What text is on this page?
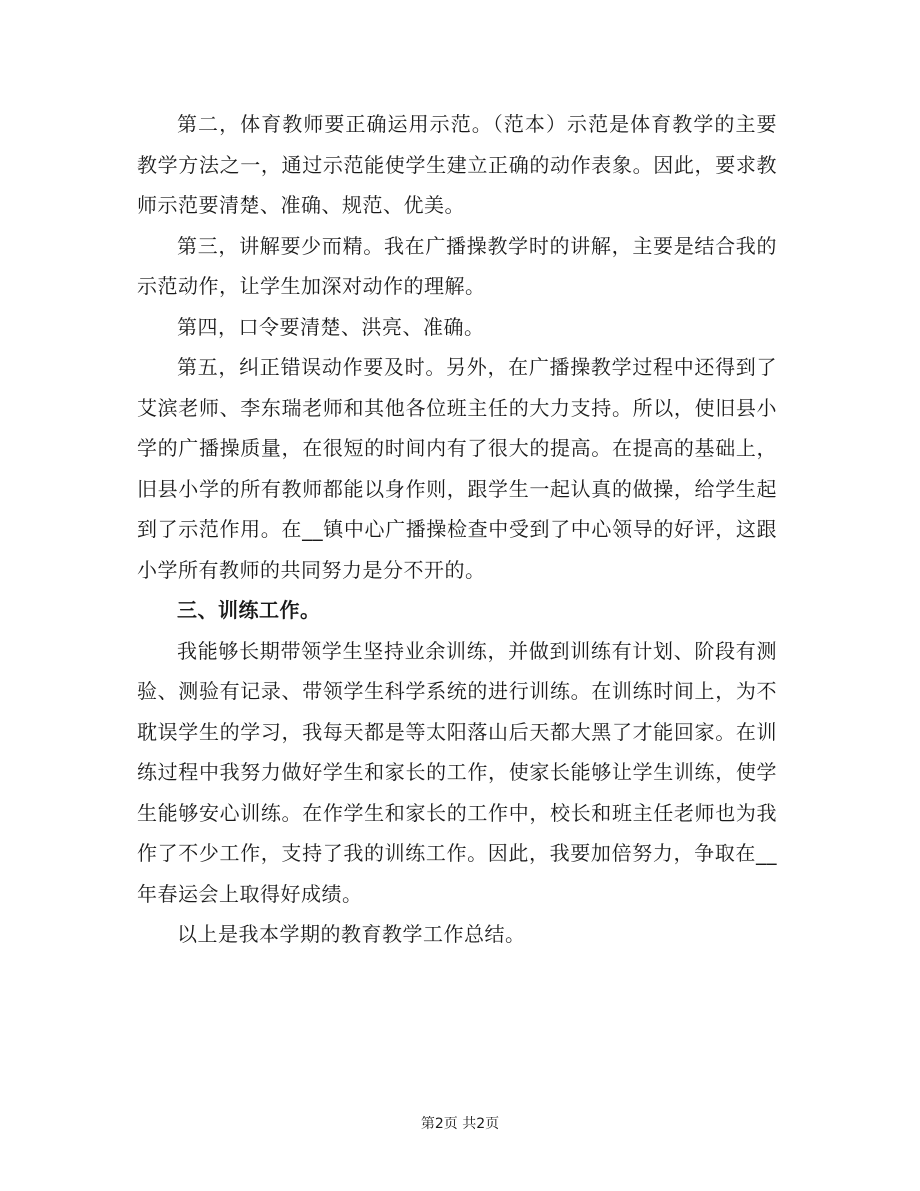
第二，体育教师要正确运用示范。（范本）示范是体育教学的主要教学方法之一，通过示范能使学生建立正确的动作表象。因此，要求教师示范要清楚、准确、规范、优美。

第三，讲解要少而精。我在广播操教学时的讲解，主要是结合我的示范动作，让学生加深对动作的理解。

第四，口令要清楚、洪亮、准确。

第五，纠正错误动作要及时。另外，在广播操教学过程中还得到了艾滨老师、李东瑞老师和其他各位班主任的大力支持。所以，使旧县小学的广播操质量，在很短的时间内有了很大的提高。在提高的基础上，旧县小学的所有教师都能以身作则，跟学生一起认真的做操，给学生起到了示范作用。在__镇中心广播操检查中受到了中心领导的好评，这跟小学所有教师的共同努力是分不开的。

三、训练工作。

我能够长期带领学生坚持业余训练，并做到训练有计划、阶段有测验、测验有记录、带领学生科学系统的进行训练。在训练时间上，为不耽误学生的学习，我每天都是等太阳落山后天都大黑了才能回家。在训练过程中我努力做好学生和家长的工作，使家长能够让学生训练，使学生能够安心训练。在作学生和家长的工作中，校长和班主任老师也为我作了不少工作，支持了我的训练工作。因此，我要加倍努力，争取在__年春运会上取得好成绩。

以上是我本学期的教育教学工作总结。

第2页 共2页
